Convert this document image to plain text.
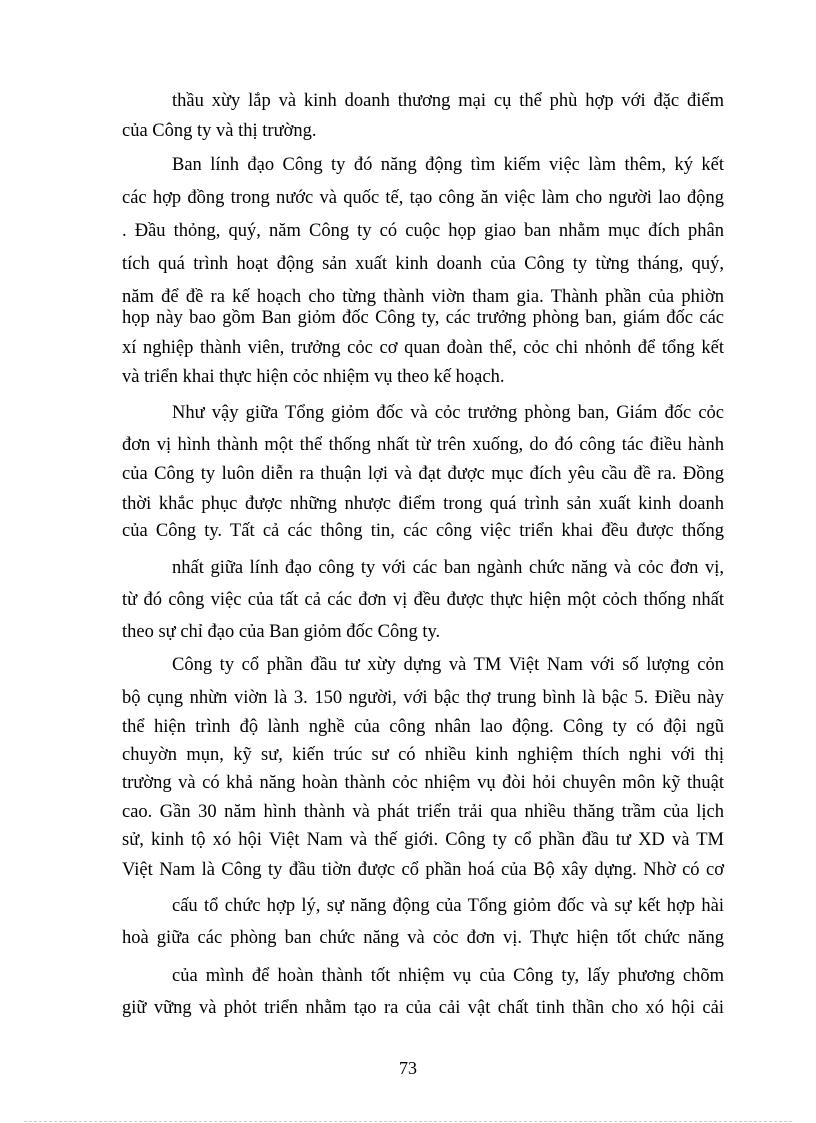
thầu xừy lắp và kinh doanh thương mại cụ thể phù hợp với đặc điểm
của Công ty và thị trường.
Ban lính đạo Công ty đó năng động tìm kiếm việc làm thêm, ký kết
các hợp đồng trong nước và quốc tế, tạo công ăn việc làm cho người lao động
. Đầu thỏng, quý, năm Công ty có cuộc họp giao ban nhằm mục đích phân
tích quá trình hoạt động sản xuất kinh doanh của Công ty từng tháng, quý,
năm để đề ra kế hoạch cho từng thành viờn tham gia. Thành phần của phiờn
họp này bao gồm Ban giỏm đốc Công ty, các trưởng phòng ban, giám đốc các
xí nghiệp thành viên, trưởng cỏc cơ quan đoàn thể, cỏc chi nhỏnh để tổng kết
và triển khai thực hiện cỏc nhiệm vụ theo kế hoạch.
Như vậy giữa Tổng giỏm đốc và cỏc trưởng phòng ban, Giám đốc cỏc
đơn vị hình thành một thể thống nhất từ trên xuống, do đó công tác điều hành
của Công ty luôn diễn ra thuận lợi và đạt được mục đích yêu cầu đề ra. Đồng
thời khắc phục được những nhược điểm trong quá trình sản xuất kinh doanh
của Công ty. Tất cả các thông tin, các công việc triển khai đều được thống
nhất giữa lính đạo công ty với các ban ngành chức năng và cỏc đơn vị,
từ đó công việc của tất cả các đơn vị đều được thực hiện một cỏch thống nhất
theo sự chỉ đạo của Ban giỏm đốc Công ty.
Công ty cổ phần đầu tư xừy dựng và TM Việt Nam với số lượng cỏn
bộ cụng nhừn viờn là 3. 150 người, với bậc thợ trung bình là bậc 5. Điều này
thể hiện trình độ lành nghề của công nhân lao động. Công ty có đội ngũ
chuyờn mụn, kỹ sư, kiến trúc sư có nhiều kinh nghiệm thích nghi với thị
trường và có khả năng hoàn thành cỏc nhiệm vụ đòi hỏi chuyên môn kỹ thuật
cao. Gần 30 năm hình thành và phát triển trải qua nhiều thăng trầm của lịch
sử, kinh tộ xó hội Việt Nam và thế giới. Công ty cổ phần đầu tư XD và TM
Việt Nam là Công ty đầu tiờn được cổ phần hoá của Bộ xây dựng. Nhờ có cơ
cấu tổ chức hợp lý, sự năng động của Tổng giỏm đốc và sự kết hợp hài
hoà giữa các phòng ban chức năng và cỏc đơn vị. Thực hiện tốt chức năng
của mình để hoàn thành tốt nhiệm vụ của Công ty, lấy phương chõm
giữ vững và phỏt triển nhằm tạo ra của cải vật chất tinh thần cho xó hội cải
73
